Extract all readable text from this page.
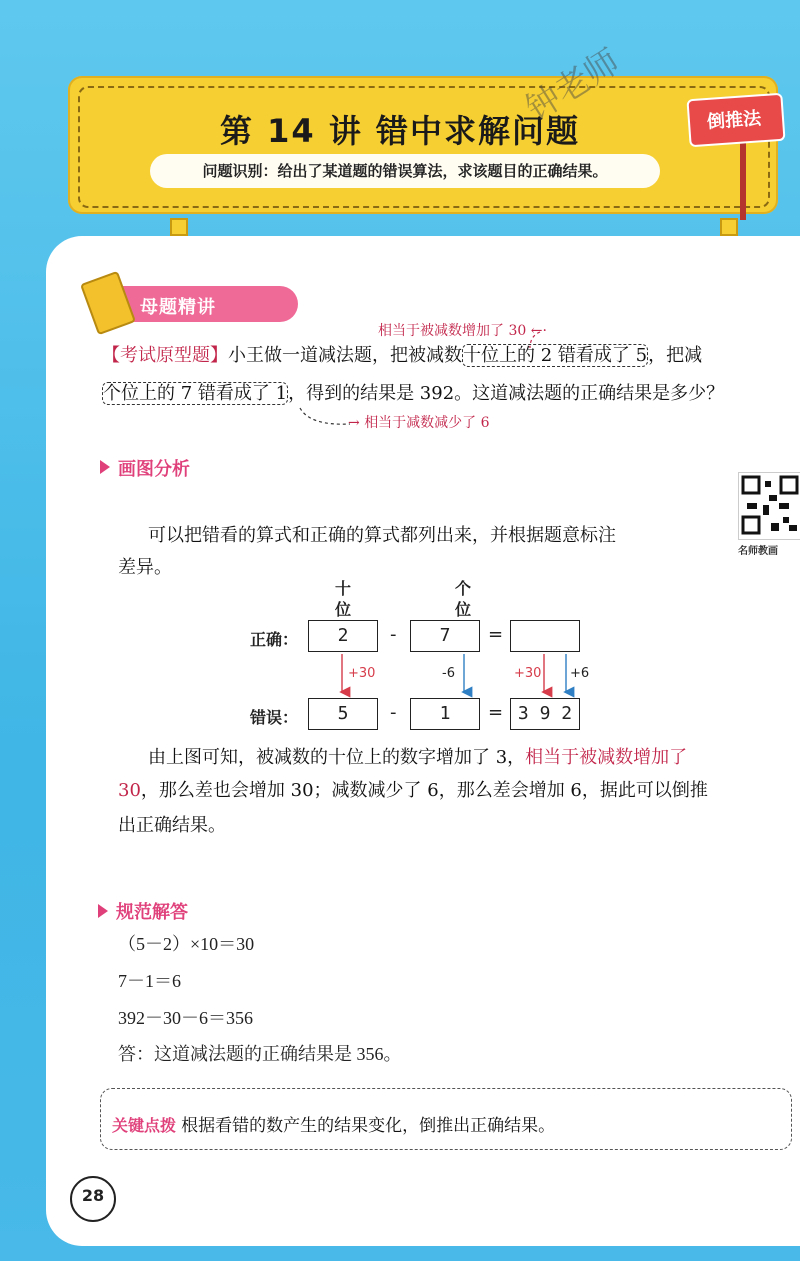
第 14 讲 错中求解问题
问题识别：给出了某道题的错误算法，求该题目的正确结果。
倒推法
钟老师
母题精讲
相当于被减数增加了 30 ←·
【考试原型题】小王做一道减法题，把被减数十位上的 2 错看成了 5，把减
个位上的 7 错看成了 1，得到的结果是 392。这道减法题的正确结果是多少？
→ 相当于减数减少了 6
画图分析
名师教画
可以把错看的算式和正确的算式都列出来，并根据题意标注
差异。
十
位
个
位
正确：	2	-	7	=
+30	-6	+30 +6
错误：	5	-	1	= 3 9 2
由上图可知，被减数的十位上的数字增加了 3，相当于被减数增加了
30，那么差也会增加 30；减数减少了 6，那么差会增加 6，据此可以倒推
出正确结果。
规范解答
（5－2）×10＝30
7－1＝6
392－30－6＝356
答：这道减法题的正确结果是 356。
关键点拨 根据看错的数产生的结果变化，倒推出正确结果。
28
